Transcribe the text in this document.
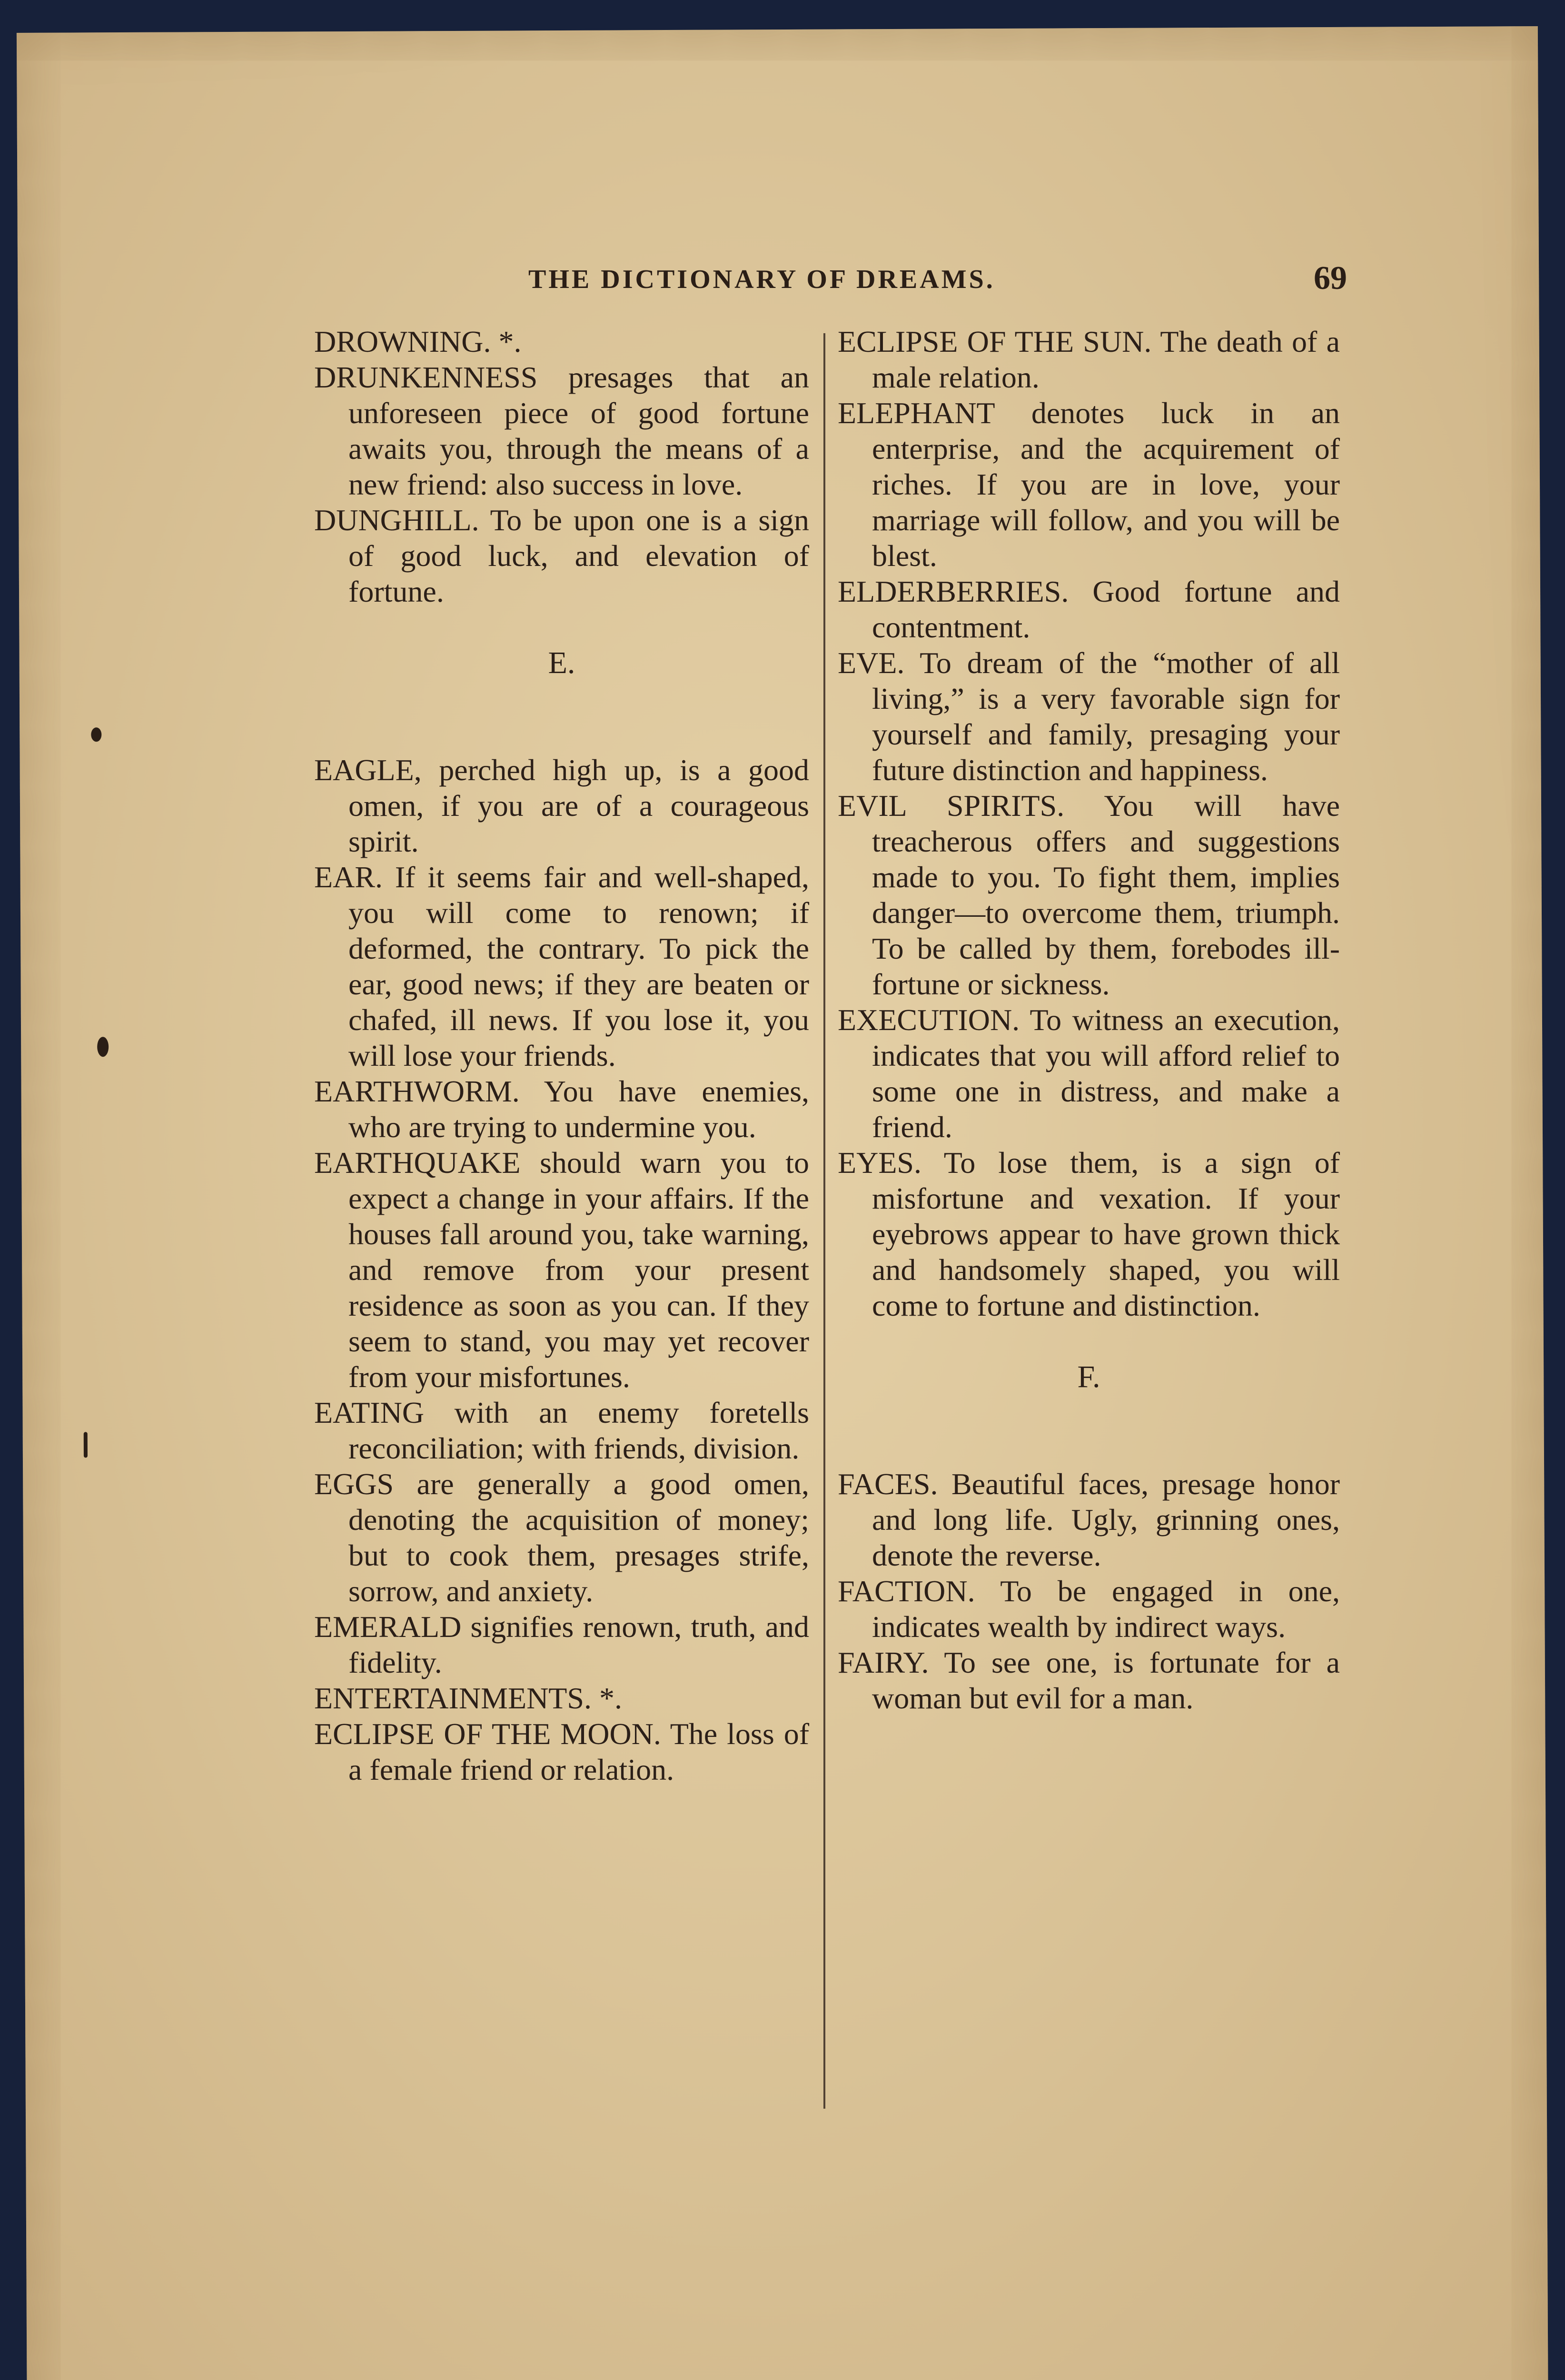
THE DICTIONARY OF DREAMS.	69

DROWNING. *.

DRUNKENNESS presages that an unforeseen piece of good fortune awaits you, through the means of a new friend: also success in love.

DUNGHILL. To be upon one is a sign of good luck, and elevation of fortune.

E.

EAGLE, perched high up, is a good omen, if you are of a courageous spirit.

EAR. If it seems fair and well-shaped, you will come to renown; if deformed, the contrary. To pick the ear, good news; if they are beaten or chafed, ill news. If you lose it, you will lose your friends.

EARTHWORM. You have enemies, who are trying to undermine you.

EARTHQUAKE should warn you to expect a change in your affairs. If the houses fall around you, take warning, and remove from your present residence as soon as you can. If they seem to stand, you may yet recover from your misfortunes.

EATING with an enemy foretells reconciliation; with friends, division.

EGGS are generally a good omen, denoting the acquisition of money; but to cook them, presages strife, sorrow, and anxiety.

EMERALD signifies renown, truth, and fidelity.

ENTERTAINMENTS. *.

ECLIPSE OF THE MOON. The loss of a female friend or relation.

ECLIPSE OF THE SUN. The death of a male relation.

ELEPHANT denotes luck in an enterprise, and the acquirement of riches. If you are in love, your marriage will follow, and you will be blest.

ELDERBERRIES. Good fortune and contentment.

EVE. To dream of the “mother of all living,” is a very favorable sign for yourself and family, presaging your future distinction and happiness.

EVIL SPIRITS. You will have treacherous offers and suggestions made to you. To fight them, implies danger—to overcome them, triumph. To be called by them, forebodes ill-fortune or sickness.

EXECUTION. To witness an execution, indicates that you will afford relief to some one in distress, and make a friend.

EYES. To lose them, is a sign of misfortune and vexation. If your eyebrows appear to have grown thick and handsomely shaped, you will come to fortune and distinction.

F.

FACES. Beautiful faces, presage honor and long life. Ugly, grinning ones, denote the reverse.

FACTION. To be engaged in one, indicates wealth by indirect ways.

FAIRY. To see one, is fortunate for a woman but evil for a man.
